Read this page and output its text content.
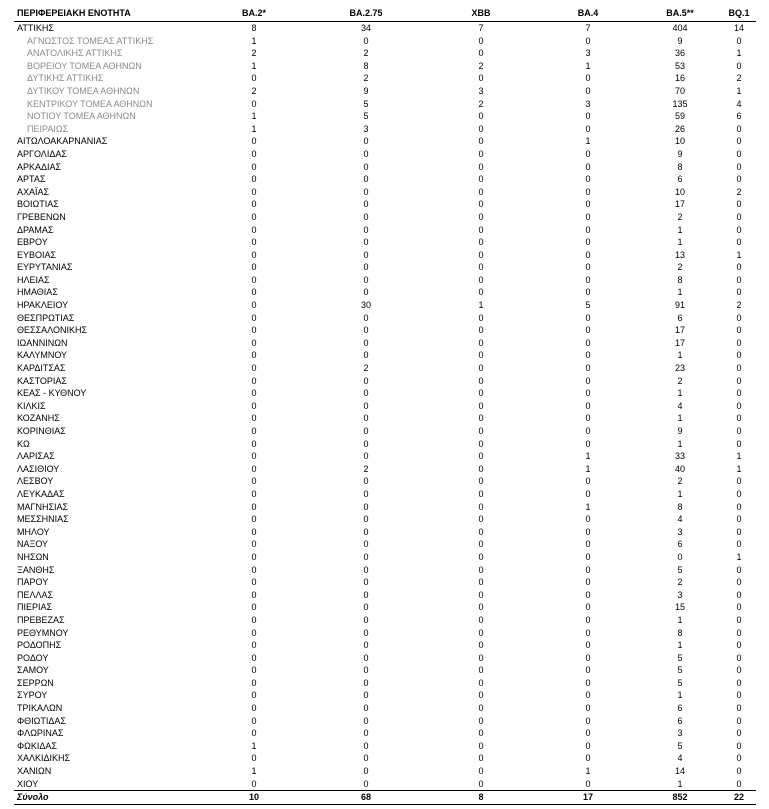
ΠΕΡΙΦΕΡΕΙΑΚΗ ΕΝΟΤΗΤΑ	BA.2*	BA.2.75	XBB	BA.4	BA.5**	BQ.1	
ΑΤΤΙΚΗΣ	8	34	7	7	404	14	
ΑΓΝΩΣΤΟΣ ΤΟΜΕΑΣ ΑΤΤΙΚΗΣ	1	0	0	0	9	0	
ΑΝΑΤΟΛΙΚΗΣ ΑΤΤΙΚΗΣ	2	2	0	3	36	1	
ΒΟΡΕΙΟΥ ΤΟΜΕΑ ΑΘΗΝΩΝ	1	8	2	1	53	0	
ΔΥΤΙΚΗΣ ΑΤΤΙΚΗΣ	0	2	0	0	16	2	
ΔΥΤΙΚΟΥ ΤΟΜΕΑ ΑΘΗΝΩΝ	2	9	3	0	70	1	
ΚΕΝΤΡΙΚΟΥ ΤΟΜΕΑ ΑΘΗΝΩΝ	0	5	2	3	135	4	
ΝΟΤΙΟΥ ΤΟΜΕΑ ΑΘΗΝΩΝ	1	5	0	0	59	6	
ΠΕΙΡΑΙΩΣ	1	3	0	0	26	0	
ΑΙΤΩΛΟΑΚΑΡΝΑΝΙΑΣ	0	0	0	1	10	0	
ΑΡΓΟΛΙΔΑΣ	0	0	0	0	9	0	
ΑΡΚΑΔΙΑΣ	0	0	0	0	8	0	
ΑΡΤΑΣ	0	0	0	0	6	0	
ΑΧΑΪΑΣ	0	0	0	0	10	2	
ΒΟΙΩΤΙΑΣ	0	0	0	0	17	0	
ΓΡΕΒΕΝΩΝ	0	0	0	0	2	0	
ΔΡΑΜΑΣ	0	0	0	0	1	0	
ΕΒΡΟΥ	0	0	0	0	1	0	
ΕΥΒΟΙΑΣ	0	0	0	0	13	1	
ΕΥΡΥΤΑΝΙΑΣ	0	0	0	0	2	0	
ΗΛΕΙΑΣ	0	0	0	0	8	0	
ΗΜΑΘΙΑΣ	0	0	0	0	1	0	
ΗΡΑΚΛΕΙΟΥ	0	30	1	5	91	2	
ΘΕΣΠΡΩΤΙΑΣ	0	0	0	0	6	0	
ΘΕΣΣΑΛΟΝΙΚΗΣ	0	0	0	0	17	0	
ΙΩΑΝΝΙΝΩΝ	0	0	0	0	17	0	
ΚΑΛΥΜΝΟΥ	0	0	0	0	1	0	
ΚΑΡΔΙΤΣΑΣ	0	2	0	0	23	0	
ΚΑΣΤΟΡΙΑΣ	0	0	0	0	2	0	
ΚΕΑΣ - ΚΥΘΝΟΥ	0	0	0	0	1	0	
ΚΙΛΚΙΣ	0	0	0	0	4	0	
ΚΟΖΑΝΗΣ	0	0	0	0	1	0	
ΚΟΡΙΝΘΙΑΣ	0	0	0	0	9	0	
ΚΩ	0	0	0	0	1	0	
ΛΑΡΙΣΑΣ	0	0	0	1	33	1	
ΛΑΣΙΘΙΟΥ	0	2	0	1	40	1	
ΛΕΣΒΟΥ	0	0	0	0	2	0	
ΛΕΥΚΑΔΑΣ	0	0	0	0	1	0	
ΜΑΓΝΗΣΙΑΣ	0	0	0	1	8	0	
ΜΕΣΣΗΝΙΑΣ	0	0	0	0	4	0	
ΜΗΛΟΥ	0	0	0	0	3	0	
ΝΑΞΟΥ	0	0	0	0	6	0	
ΝΗΣΩΝ	0	0	0	0	0	1	
ΞΑΝΘΗΣ	0	0	0	0	5	0	
ΠΑΡΟΥ	0	0	0	0	2	0	
ΠΕΛΛΑΣ	0	0	0	0	3	0	
ΠΙΕΡΙΑΣ	0	0	0	0	15	0	
ΠΡΕΒΕΖΑΣ	0	0	0	0	1	0	
ΡΕΘΥΜΝΟΥ	0	0	0	0	8	0	
ΡΟΔΟΠΗΣ	0	0	0	0	1	0	
ΡΟΔΟΥ	0	0	0	0	5	0	
ΣΑΜΟΥ	0	0	0	0	5	0	
ΣΕΡΡΩΝ	0	0	0	0	5	0	
ΣΥΡΟΥ	0	0	0	0	1	0	
ΤΡΙΚΑΛΩΝ	0	0	0	0	6	0	
ΦΘΙΩΤΙΔΑΣ	0	0	0	0	6	0	
ΦΛΩΡΙΝΑΣ	0	0	0	0	3	0	
ΦΩΚΙΔΑΣ	1	0	0	0	5	0	
ΧΑΛΚΙΔΙΚΗΣ	0	0	0	0	4	0	
ΧΑΝΙΩΝ	1	0	0	1	14	0	
ΧΙΟΥ	0	0	0	0	1	0	
Σύνολο	10	68	8	17	852	22	
